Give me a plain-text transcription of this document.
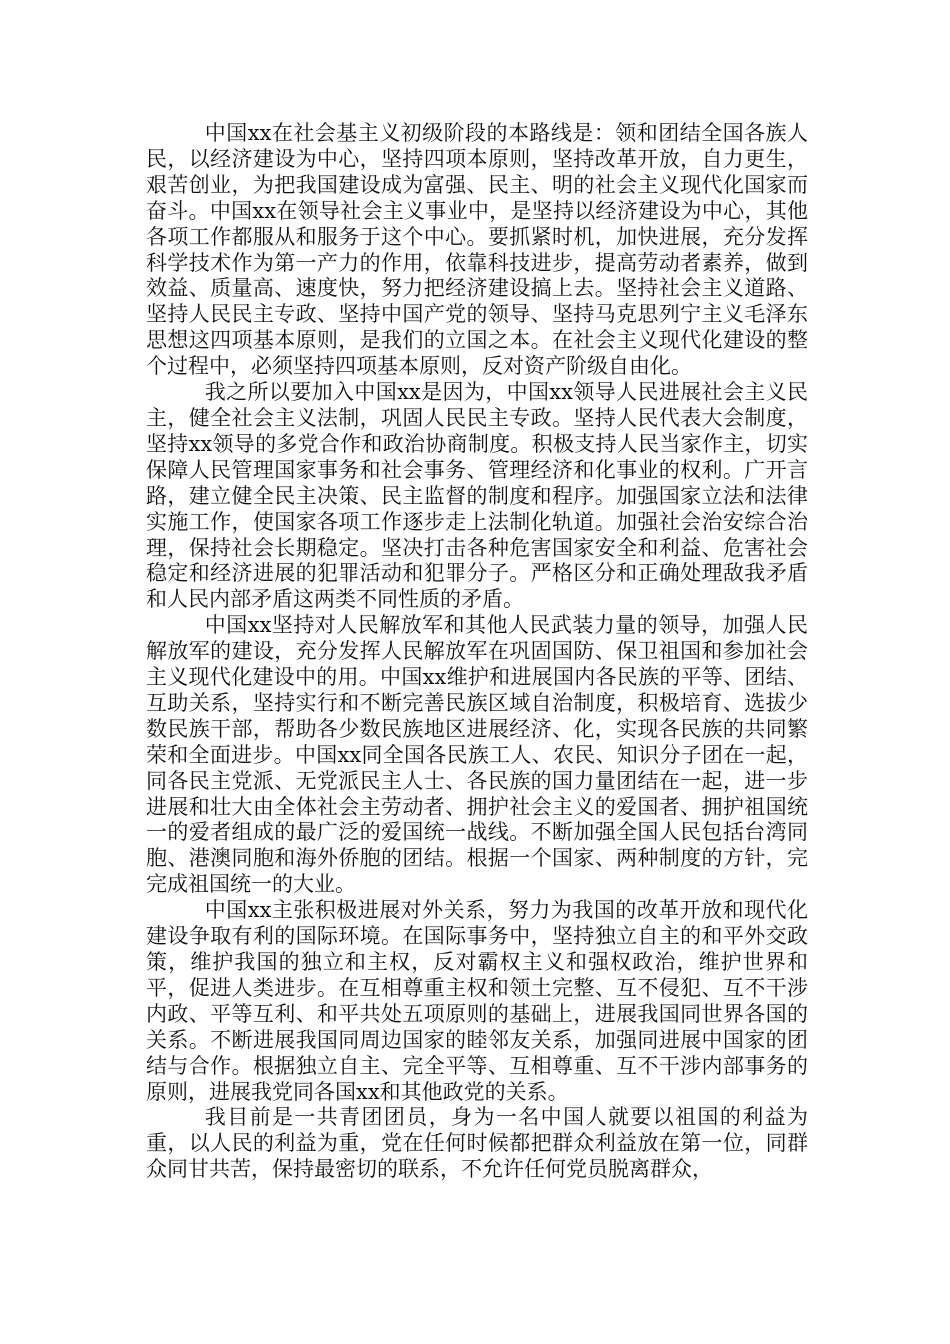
中国xx在社会基主义初级阶段的本路线是：领和团结全国各族人民，以经济建设为中心，坚持四项本原则，坚持改革开放，自力更生，艰苦创业，为把我国建设成为富强、民主、明的社会主义现代化国家而奋斗。中国xx在领导社会主义事业中，是坚持以经济建设为中心，其他各项工作都服从和服务于这个中心。要抓紧时机，加快进展，充分发挥科学技术作为第一产力的作用，依靠科技进步，提高劳动者素养，做到效益、质量高、速度快，努力把经济建设搞上去。坚持社会主义道路、坚持人民民主专政、坚持中国产党的领导、坚持马克思列宁主义毛泽东思想这四项基本原则，是我们的立国之本。在社会主义现代化建设的整个过程中，必须坚持四项基本原则，反对资产阶级自由化。

我之所以要加入中国xx是因为，中国xx领导人民进展社会主义民主，健全社会主义法制，巩固人民民主专政。坚持人民代表大会制度，坚持xx领导的多党合作和政治协商制度。积极支持人民当家作主，切实保障人民管理国家事务和社会事务、管理经济和化事业的权利。广开言路，建立健全民主决策、民主监督的制度和程序。加强国家立法和法律实施工作，使国家各项工作逐步走上法制化轨道。加强社会治安综合治理，保持社会长期稳定。坚决打击各种危害国家安全和利益、危害社会稳定和经济进展的犯罪活动和犯罪分子。严格区分和正确处理敌我矛盾和人民内部矛盾这两类不同性质的矛盾。

中国xx坚持对人民解放军和其他人民武装力量的领导，加强人民解放军的建设，充分发挥人民解放军在巩固国防、保卫祖国和参加社会主义现代化建设中的用。中国xx维护和进展国内各民族的平等、团结、互助关系，坚持实行和不断完善民族区域自治制度，积极培育、选拔少数民族干部，帮助各少数民族地区进展经济、化，实现各民族的共同繁荣和全面进步。中国xx同全国各民族工人、农民、知识分子团在一起，同各民主党派、无党派民主人士、各民族的国力量团结在一起，进一步进展和壮大由全体社会主劳动者、拥护社会主义的爱国者、拥护祖国统一的爱者组成的最广泛的爱国统一战线。不断加强全国人民包括台湾同胞、港澳同胞和海外侨胞的团结。根据一个国家、两种制度的方针，完完成祖国统一的大业。

中国xx主张积极进展对外关系，努力为我国的改革开放和现代化建设争取有利的国际环境。在国际事务中，坚持独立自主的和平外交政策，维护我国的独立和主权，反对霸权主义和强权政治，维护世界和平，促进人类进步。在互相尊重主权和领土完整、互不侵犯、互不干涉内政、平等互利、和平共处五项原则的基础上，进展我国同世界各国的关系。不断进展我国同周边国家的睦邻友关系，加强同进展中国家的团结与合作。根据独立自主、完全平等、互相尊重、互不干涉内部事务的原则，进展我党同各国xx和其他政党的关系。

我目前是一共青团团员，身为一名中国人就要以祖国的利益为重，以人民的利益为重，党在任何时候都把群众利益放在第一位，同群众同甘共苦，保持最密切的联系，不允许任何党员脱离群众，
